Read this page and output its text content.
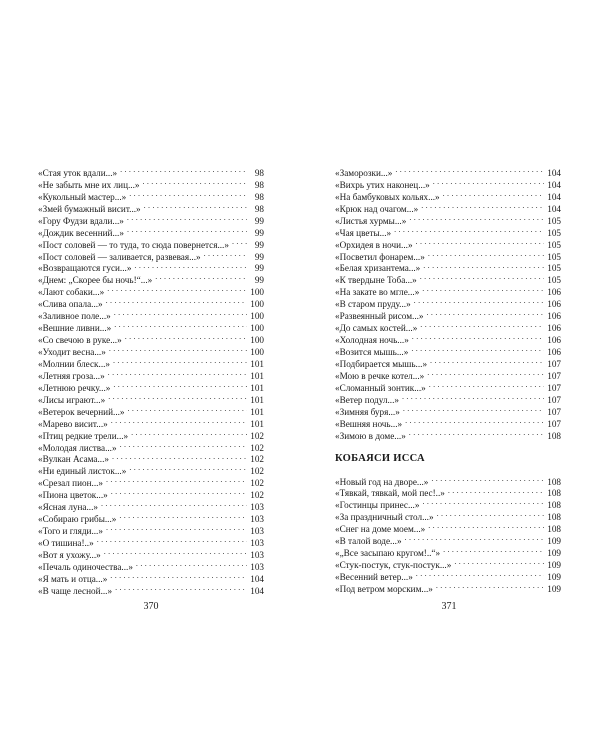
«Стая уток вдали...» . . .	98
«Не забыть мне их лиц...» . . .	98
«Кукольный мастер...» . . .	98
«Змей бумажный висит...» . . .	98
«Гору Фудзи вдали...» . . .	99
«Дождик весенний...» . . .	99
«Пост соловей — то туда, то сюда повернется...» . . .	99
«Пост соловей — заливается, развевая...» . . .	99
«Возвращаются гуси...» . . .	99
«Днем: „Скорее бы ночь!“...» . . .	99
«Лают собаки...» . . .	100
«Слива опала...» . . .	100
«Заливное поле...» . . .	100
«Вешние ливни...» . . .	100
«Со свечою в руке...» . . .	100
«Уходит весна...» . . .	100
«Молнии блеск...» . . .	101
«Летняя гроза...» . . .	101
«Летнюю речку...» . . .	101
«Лисы играют...» . . .	101
«Ветерок вечерний...» . . .	101
«Марево висит...» . . .	101
«Птиц редкие трели...» . . .	102
«Молодая листва...» . . .	102
«Вулкан Асама...» . . .	102
«Ни единый листок...» . . .	102
«Срезал пион...» . . .	102
«Пиона цветок...» . . .	102
«Ясная луна...» . . .	103
«Собираю грибы...» . . .	103
«Того и гляди...» . . .	103
«О тишина!..» . . .	103
«Вот я ухожу...» . . .	103
«Печаль одиночества...» . . .	103
«Я мать и отца...» . . .	104
«В чаще лесной...» . . .	104
370
«Заморозки...» . . .	104
«Вихрь утих наконец...» . . .	104
«На бамбуковых кольях...» . . .	104
«Крюк над очагом...» . . .	104
«Листья хурмы...» . . .	105
«Чая цветы...» . . .	105
«Орхидея в ночи...» . . .	105
«Посветил фонарем...» . . .	105
«Белая хризантема...» . . .	105
«К твердыне Тоба...» . . .	105
«На закате во мгле...» . . .	106
«В старом пруду...» . . .	106
«Развеянный рисом...» . . .	106
«До самых костей...» . . .	106
«Холодная ночь...» . . .	106
«Возится мышь...» . . .	106
«Подбирается мышь...» . . .	107
«Мою в речке котел...» . . .	107
«Сломанный зонтик...» . . .	107
«Ветер подул...» . . .	107
«Зимняя буря...» . . .	107
«Вешняя ночь...» . . .	107
«Зимою в доме...» . . .	108
КОБАЯСИ ИССА
«Новый год на дворе...» . . .	108
«Тявкай, тявкай, мой пес!..» . . .	108
«Гостинцы принес...» . . .	108
«За праздничный стол...» . . .	108
«Снег на доме моем...» . . .	108
«В талой воде...» . . .	109
«„Все засыпаю кругом!..“» . . .	109
«Стук-постук, стук-постук...» . . .	109
«Весенний ветер...» . . .	109
«Под ветром морским...» . . .	109
371
